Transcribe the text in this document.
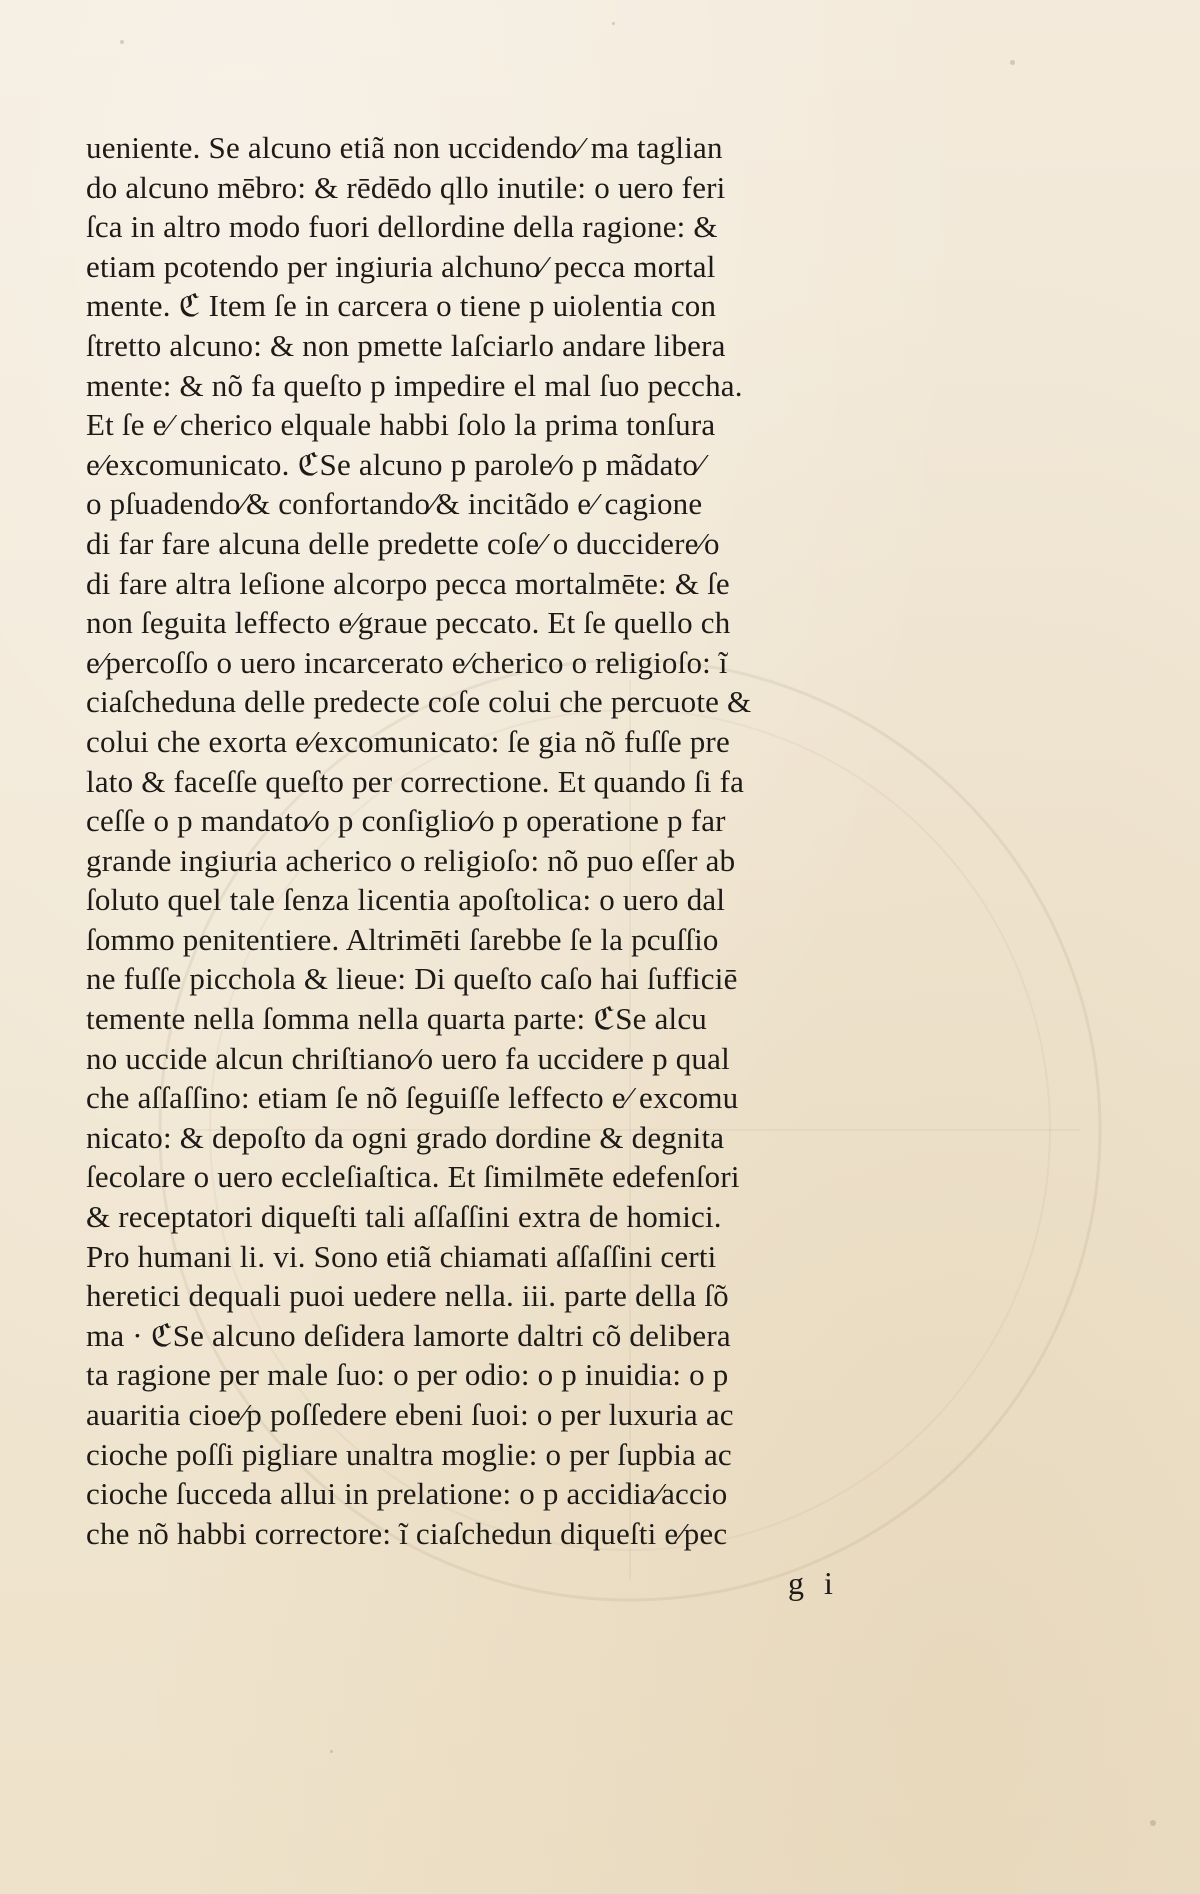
ueniente. Se alcuno etiã non uccidendo⁄ ma taglian
do alcuno mēbro: & rēdēdo qllo inutile: o uero feri
ſca in altro modo fuori dellordine della ragione: &
etiam pcotendo per ingiuria alchuno⁄ pecca mortal
mente. ℭ Item ſe in carcera o tiene p uiolentia con
ſtretto alcuno: & non pmette laſciarlo andare libera
mente: & nõ fa queſto p impedire el mal ſuo peccha.
Et ſe e⁄ cherico elquale habbi ſolo la prima tonſura
e⁄excomunicato. ℭSe alcuno p parole⁄o p mãdato⁄
o pſuadendo⁄& confortando⁄& incitãdo e⁄ cagione
di far fare alcuna delle predette coſe⁄ o duccidere⁄o
di fare altra leſione alcorpo pecca mortalmēte: & ſe
non ſeguita leffecto e⁄graue peccato. Et ſe quello ch
e⁄percoſſo o uero incarcerato e⁄cherico o religioſo: ĩ
ciaſcheduna delle predecte coſe colui che percuote &
colui che exorta e⁄excomunicato: ſe gia nõ fuſſe pre
lato & faceſſe queſto per correctione. Et quando ſi fa
ceſſe o p mandato⁄o p conſiglio⁄o p operatione p far
grande ingiuria acherico o religioſo: nõ puo eſſer ab
ſoluto quel tale ſenza licentia apoſtolica: o uero dal
ſommo penitentiere. Altrimēti ſarebbe ſe la pcuſſio
ne fuſſe picchola & lieue: Di queſto caſo hai ſufficiē
temente nella ſomma nella quarta parte: ℭSe alcu
no uccide alcun chriſtiano⁄o uero fa uccidere p qual
che aſſaſſino: etiam ſe nõ ſeguiſſe leffecto e⁄ excomu
nicato: & depoſto da ogni grado dordine & degnita
ſecolare o uero eccleſiaſtica. Et ſimilmēte edefenſori
& receptatori diqueſti tali aſſaſſini extra de homici.
Pro humani li. vi. Sono etiã chiamati aſſaſſini certi
heretici dequali puoi uedere nella. iii. parte della ſõ
ma · ℭSe alcuno deſidera lamorte daltri cõ delibera
ta ragione per male ſuo: o per odio: o p inuidia: o p
auaritia cioe⁄p poſſedere ebeni ſuoi: o per luxuria ac
cioche poſſi pigliare unaltra moglie: o per ſupbia ac
cioche ſucceda allui in prelatione: o p accidia⁄accio
che nõ habbi correctore: ĩ ciaſchedun diqueſti e⁄pec
g i
